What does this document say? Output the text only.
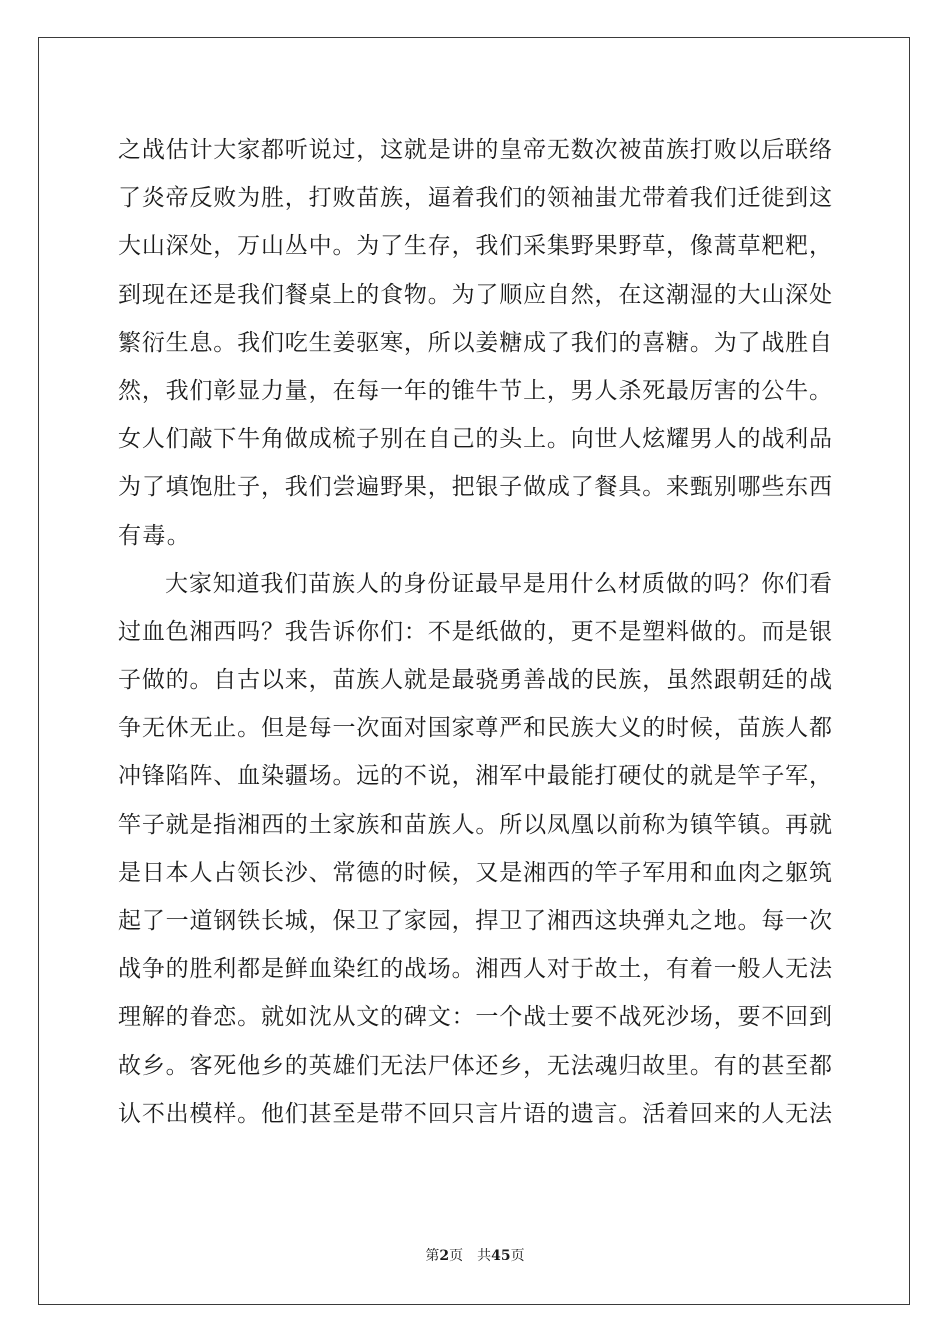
之战估计大家都听说过，这就是讲的皇帝无数次被苗族打败以后联络
了炎帝反败为胜，打败苗族，逼着我们的领袖蚩尤带着我们迁徙到这
大山深处，万山丛中。为了生存，我们采集野果野草，像蒿草粑粑，
到现在还是我们餐桌上的食物。为了顺应自然，在这潮湿的大山深处
繁衍生息。我们吃生姜驱寒，所以姜糖成了我们的喜糖。为了战胜自
然，我们彰显力量，在每一年的锥牛节上，男人杀死最厉害的公牛。
女人们敲下牛角做成梳子别在自己的头上。向世人炫耀男人的战利品
为了填饱肚子，我们尝遍野果，把银子做成了餐具。来甄别哪些东西
有毒。
大家知道我们苗族人的身份证最早是用什么材质做的吗？你们看
过血色湘西吗？我告诉你们：不是纸做的，更不是塑料做的。而是银
子做的。自古以来，苗族人就是最骁勇善战的民族，虽然跟朝廷的战
争无休无止。但是每一次面对国家尊严和民族大义的时候，苗族人都
冲锋陷阵、血染疆场。远的不说，湘军中最能打硬仗的就是竿子军，
竿子就是指湘西的土家族和苗族人。所以凤凰以前称为镇竿镇。再就
是日本人占领长沙、常德的时候，又是湘西的竿子军用和血肉之躯筑
起了一道钢铁长城，保卫了家园，捍卫了湘西这块弹丸之地。每一次
战争的胜利都是鲜血染红的战场。湘西人对于故土，有着一般人无法
理解的眷恋。就如沈从文的碑文：一个战士要不战死沙场，要不回到
故乡。客死他乡的英雄们无法尸体还乡，无法魂归故里。有的甚至都
认不出模样。他们甚至是带不回只言片语的遗言。活着回来的人无法
第2页 共45页
